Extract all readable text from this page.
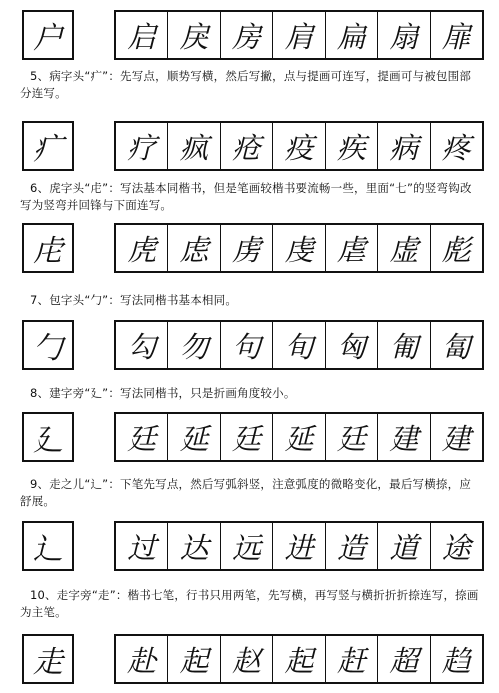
户	启 戾 房 肩 扁 扇 扉
5、病字头“疒”：先写点，顺势写横，然后写撇，点与提画可连写，提画可与被包围部分连写。
疒	疗 疯 疮 疫 疾 病 疼
6、虎字头“虍”：写法基本同楷书，但是笔画较楷书要流畅一些，里面“七”的竖弯钩改写为竖弯并回锋与下面连写。
虍	虎 虑 虏 虔 虐 虚 彪
7、包字头“勹”：写法同楷书基本相同。
勹	勾 勿 句 旬 匈 匍 匐
8、建字旁“廴”：写法同楷书，只是折画角度较小。
廴	廷 延 廷 延 廷 建 建
9、走之儿“辶”：下笔先写点，然后写弧斜竖，注意弧度的微略变化，最后写横捺，应舒展。
辶	过 达 远 进 造 道 途
10、走字旁“走”：楷书七笔，行书只用两笔，先写横，再写竖与横折折折捺连写，捺画为主笔。
走	赴 起 赵 起 赶 超 趋
